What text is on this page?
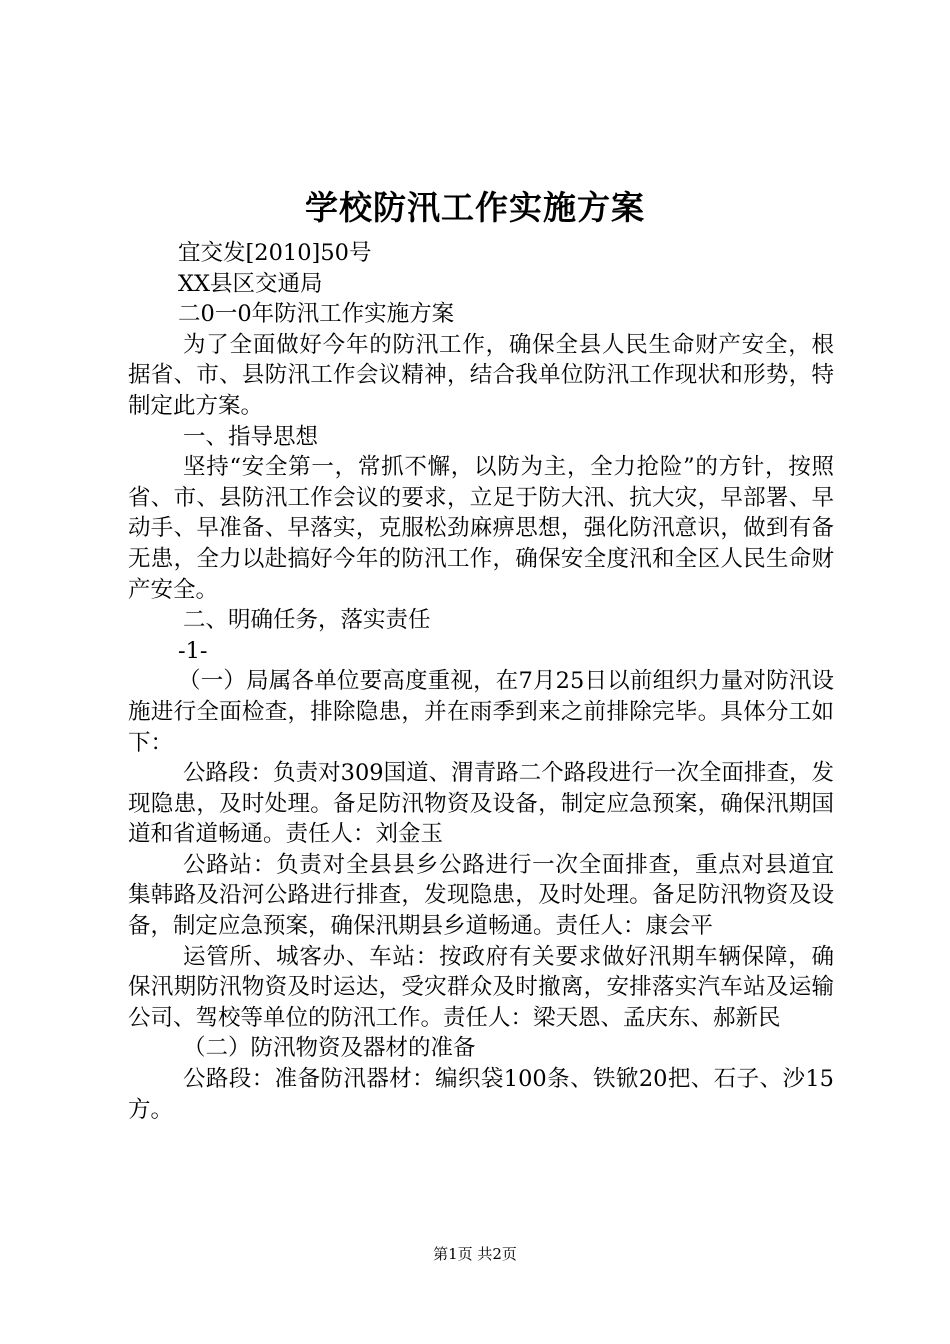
学校防汛工作实施方案

宜交发[2010]50号

XX县区交通局

二0一0年防汛工作实施方案

为了全面做好今年的防汛工作，确保全县人民生命财产安全，根据省、市、县防汛工作会议精神，结合我单位防汛工作现状和形势，特制定此方案。

一、指导思想

坚持“安全第一，常抓不懈，以防为主，全力抢险”的方针，按照省、市、县防汛工作会议的要求，立足于防大汛、抗大灾，早部署、早动手、早准备、早落实，克服松劲麻痹思想，强化防汛意识，做到有备无患，全力以赴搞好今年的防汛工作，确保安全度汛和全区人民生命财产安全。

二、明确任务，落实责任

-1-

（一）局属各单位要高度重视，在7月25日以前组织力量对防汛设施进行全面检查，排除隐患，并在雨季到来之前排除完毕。具体分工如下：

公路段：负责对309国道、渭青路二个路段进行一次全面排查，发现隐患，及时处理。备足防汛物资及设备，制定应急预案，确保汛期国道和省道畅通。责任人：刘金玉

公路站：负责对全县县乡公路进行一次全面排查，重点对县道宜集韩路及沿河公路进行排查，发现隐患，及时处理。备足防汛物资及设备，制定应急预案，确保汛期县乡道畅通。责任人：康会平

运管所、城客办、车站：按政府有关要求做好汛期车辆保障，确保汛期防汛物资及时运达，受灾群众及时撤离，安排落实汽车站及运输公司、驾校等单位的防汛工作。责任人：梁天恩、孟庆东、郝新民

（二）防汛物资及器材的准备

公路段：准备防汛器材：编织袋100条、铁锨20把、石子、沙15方。

第1页 共2页
